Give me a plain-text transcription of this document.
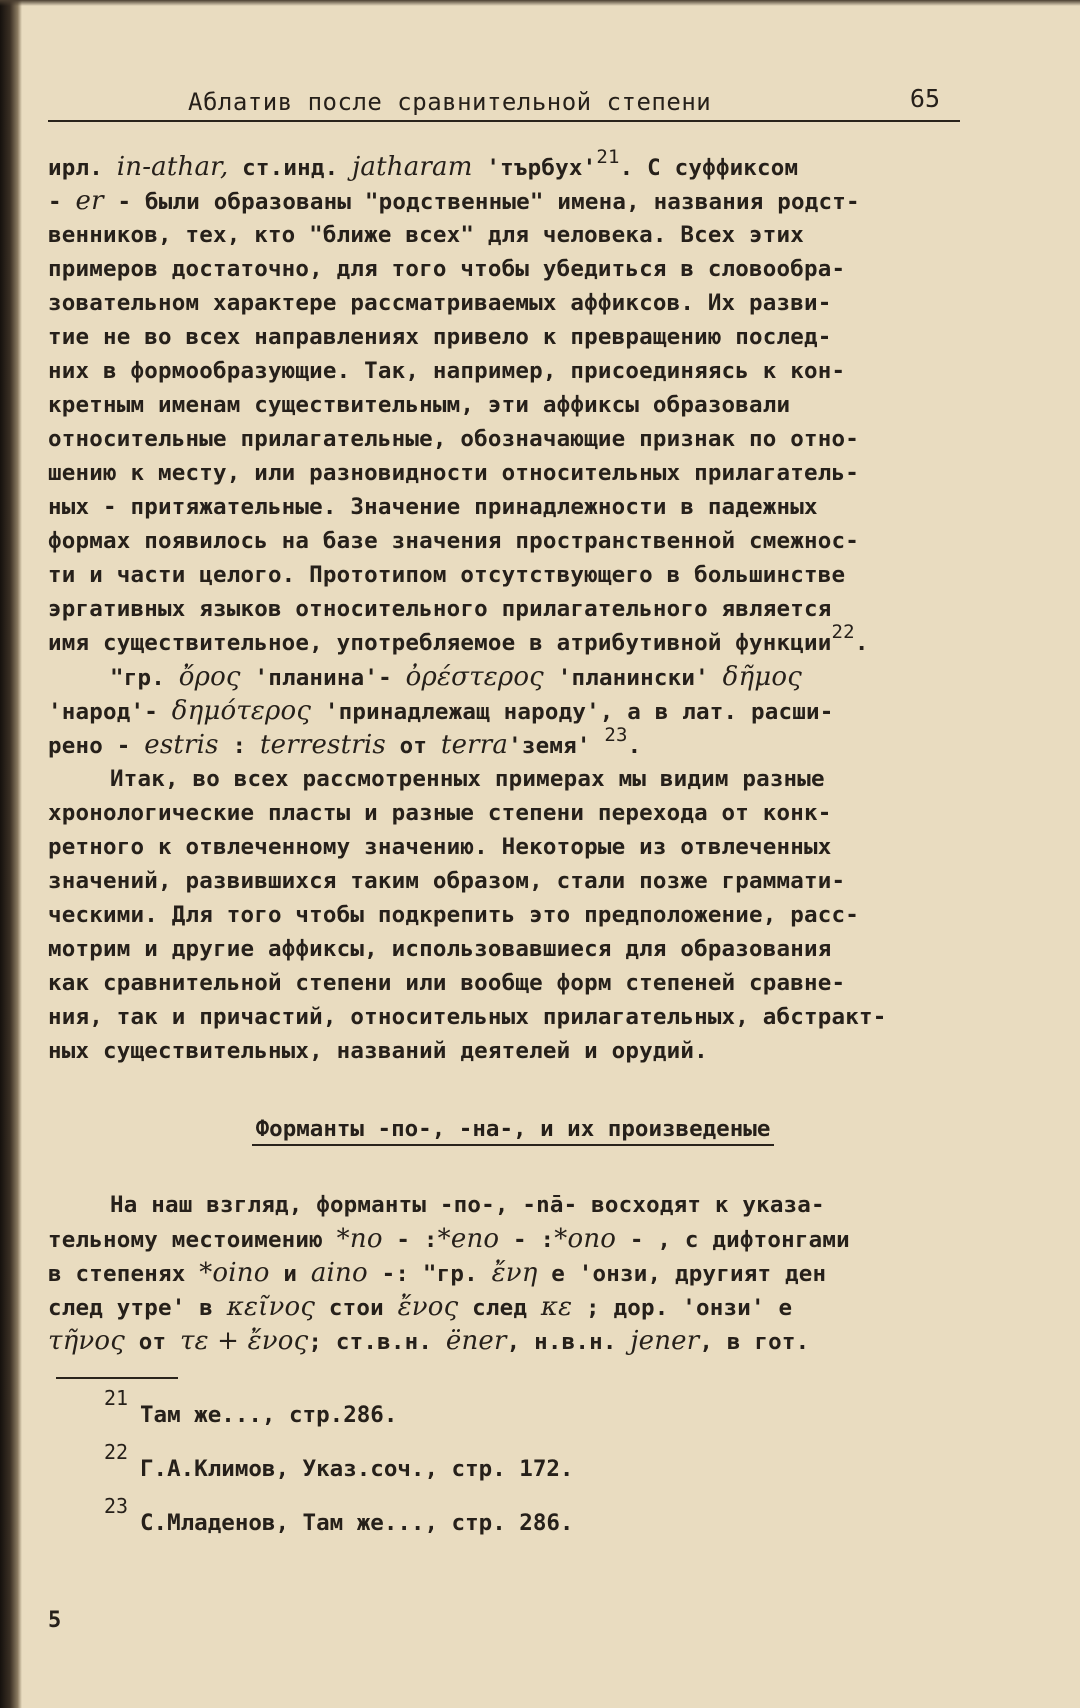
Аблатив после сравнительной степени	65

ирл. in-athar, ст.инд. jatharam 'търбух'$^{21}$. С суффиксом
- er - были образованы "родственные" имена, названия родст-
венников, тех, кто "ближе всех" для человека. Всех этих
примеров достаточно, для того чтобы убедиться в словообра-
зовательном характере рассматриваемых аффиксов. Их разви-
тие не во всех направлениях привело к превращению послед-
них в формообразующие. Так, например, присоединяясь к кон-
кретным именам существительным, эти аффиксы образовали
относительные прилагательные, обозначающие признак по отно-
шению к месту, или разновидности относительных прилагатель-
ных - притяжательные. Значение принадлежности в падежных
формах появилось на базе значения пространственной смежнос-
ти и части целого. Прототипом отсутствующего в большинстве
эргативных языков относительного прилагательного является
имя существительное, употребляемое в атрибутивной функции$^{22}$.

"гр. ὄρος 'планина'- ὀρέστερος 'планински' δῆμος
'народ'- δημότερος 'принадлежащ народу', а в лат. расши-
рено - estris : terrestris от terra'земя' $^{23}$.

Итак, во всех рассмотренных примерах мы видим разные
хронологические пласты и разные степени перехода от конк-
ретного к отвлеченному значению. Некоторые из отвлеченных
значений, развившихся таким образом, стали позже граммати-
ческими. Для того чтобы подкрепить это предположение, расс-
мотрим и другие аффиксы, использовавшиеся для образования
как сравнительной степени или вообще форм степеней сравне-
ния, так и причастий, относительных прилагательных, абстракт-
ных существительных, названий деятелей и орудий.

Форманты -по-, -на-, и их произведеные

На наш взгляд, форманты -по-, -nā- восходят к указа-
тельному местоимению *no - :*eno - :*ono - , с дифтонгами
в степенях *oino и aino -: "гр. ἔνη е 'онзи, другият ден
след утре' в κεῖνος стои ἔνος след κε ; дор. 'онзи' е
τῆνος от τε + ἔνος; ст.в.н. ëner, н.в.н. jener, в гот.

21
Там же..., стр.286.
22
Г.А.Климов, Указ.соч., стр. 172.
23
С.Младенов, Там же..., стр. 286.
5
